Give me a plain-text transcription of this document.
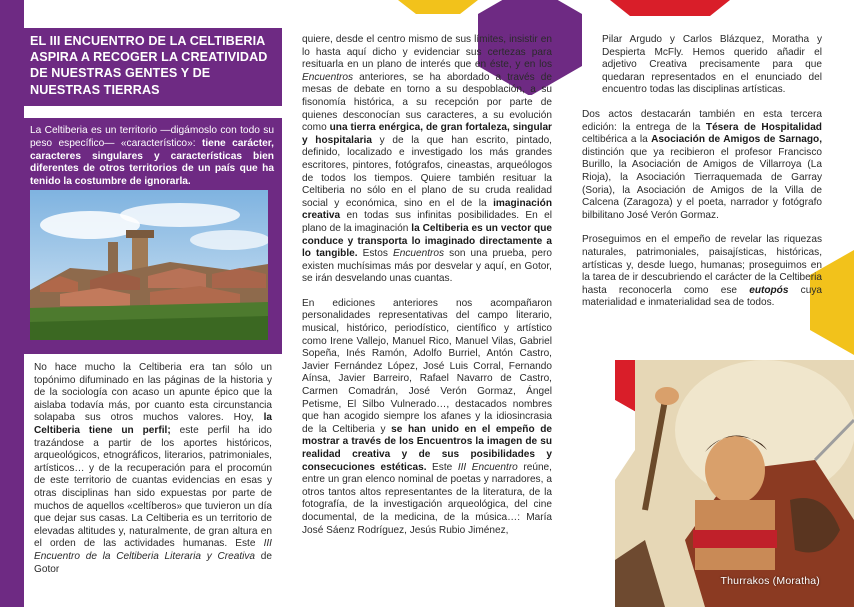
EL III ENCUENTRO DE LA CELTIBERIA ASPIRA A RECOGER LA CREATIVIDAD DE NUESTRAS GENTES Y DE NUESTRAS TIERRAS

La Celtiberia es un territorio —digámoslo con todo su peso específico— «característico»: tiene carácter, caracteres singulares y características bien diferentes de otros territorios de un país que ha tenido la costumbre de ignorarla.

No hace mucho la Celtiberia era tan sólo un topónimo difuminado en las páginas de la historia y de la sociología con acaso un apunte épico que la aislaba todavía más, por cuanto esta circunstancia solapaba sus otros muchos valores. Hoy, la Celtiberia tiene un perfil; este perfil ha ido trazándose a partir de los aportes históricos, arqueológicos, etnográficos, literarios, patrimoniales, artísticos… y de la recuperación para el procomún de este territorio de cuantas evidencias en esas y otras disciplinas han sido expuestas por parte de muchos de aquellos «celtíberos» que tuvieron un día que dejar sus casas. La Celtiberia es un territorio de elevadas altitudes y, naturalmente, de gran altura en el orden de las actividades humanas. Este III Encuentro de la Celtiberia Literaria y Creativa de Gotor

quiere, desde el centro mismo de sus límites, insistir en lo hasta aquí dicho y evidenciar sus certezas para resituarla en un plano de interés que en éste, y en los Encuentros anteriores, se ha abordado a través de mesas de debate en torno a su despoblación, a su fisonomía histórica, a su recepción por parte de quienes desconocían sus caracteres, a su evolución como una tierra enérgica, de gran fortaleza, singular y hospitalaria y de la que han escrito, pintado, definido, localizado e investigado los más grandes escritores, pintores, fotógrafos, cineastas, arqueólogos de todos los tiempos. Quiere también resituar la Celtiberia no sólo en el plano de su cruda realidad social y económica, sino en el de la imaginación creativa en todas sus infinitas posibilidades. En el plano de la imaginación la Celtiberia es un vector que conduce y transporta lo imaginado directamente a lo tangible. Estos Encuentros son una prueba, pero existen muchísimas más por desvelar y aquí, en Gotor, se irán desvelando unas cuantas.

En ediciones anteriores nos acompañaron personalidades representativas del campo literario, musical, histórico, periodístico, científico y artístico como Irene Vallejo, Manuel Rico, Manuel Vilas, Gabriel Sopeña, Inés Ramón, Adolfo Burriel, Antón Castro, Javier Fernández López, José Luis Corral, Fernando Aínsa, Javier Barreiro, Rafael Navarro de Castro, Carmen Comadrán, José Verón Gormaz, Ángel Petisme, El Silbo Vulnerado…, destacados nombres que han acogido siempre los afanes y la idiosincrasia de la Celtiberia y se han unido en el empeño de mostrar a través de los Encuentros la imagen de su realidad creativa y de sus posibilidades y consecuciones estéticas. Este III Encuentro reúne, entre un gran elenco nominal de poetas y narradores, a otros tantos altos representantes de la literatura, de la fotografía, de la investigación arqueológica, del cine documental, de la medicina, de la música…: María José Sáenz Rodríguez, Jesús Rubio Jiménez,

Pilar Argudo y Carlos Blázquez, Moratha y Despierta McFly. Hemos querido añadir el adjetivo Creativa precisamente para que quedaran representados en el enunciado del encuentro todas las disciplinas artísticas.

Dos actos destacarán también en esta tercera edición: la entrega de la Tésera de Hospitalidad celtibérica a la Asociación de Amigos de Sarnago, distinción que ya recibieron el profesor Francisco Burillo, la Asociación de Amigos de Villarroya (La Rioja), la Asociación Tierraquemada de Garray (Soria), la Asociación de Amigos de la Villa de Calcena (Zaragoza) y el poeta, narrador y fotógrafo bilbilitano José Verón Gormaz.

Proseguimos en el empeño de revelar las riquezas naturales, patrimoniales, paisajísticas, históricas, artísticas y, desde luego, humanas; proseguimos en la tarea de ir descubriendo el carácter de la Celtiberia hasta reconocerla como ese eutopós cuya materialidad e inmaterialidad sea de todos.

Thurrakos (Moratha)
